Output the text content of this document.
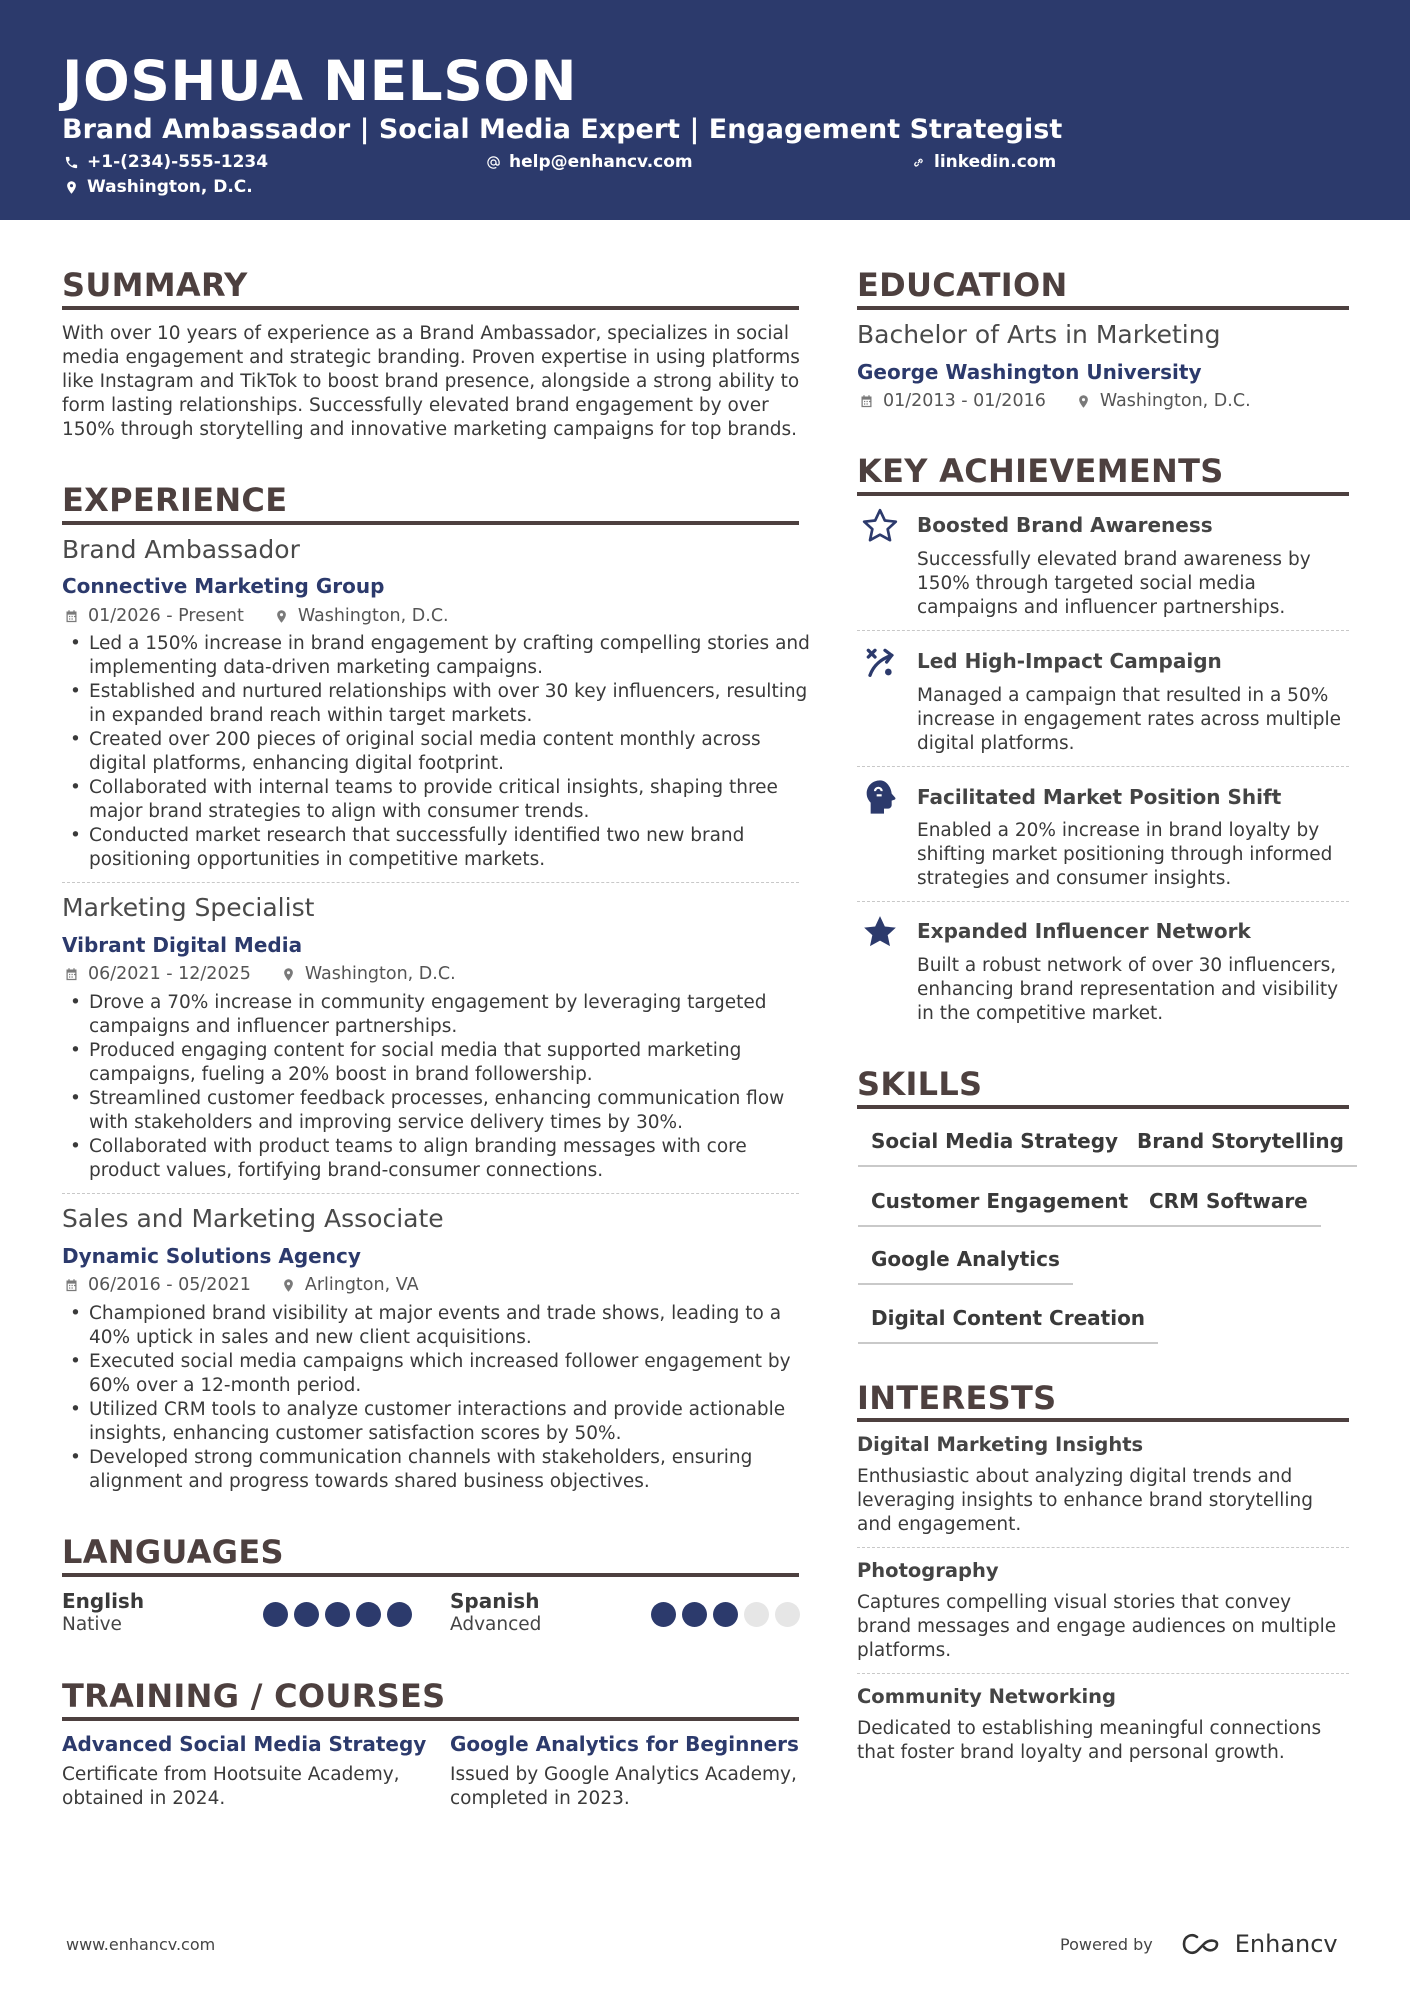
JOSHUA NELSON
Brand Ambassador | Social Media Expert | Engagement Strategist
+1-(234)-555-1234	help@enhancv.com	linkedin.com
Washington, D.C.
SUMMARY
With over 10 years of experience as a Brand Ambassador, specializes in social media engagement and strategic branding. Proven expertise in using platforms like Instagram and TikTok to boost brand presence, alongside a strong ability to form lasting relationships. Successfully elevated brand engagement by over 150% through storytelling and innovative marketing campaigns for top brands.
EXPERIENCE
Brand Ambassador
Connective Marketing Group
01/2026 - Present	Washington, D.C.
• Led a 150% increase in brand engagement by crafting compelling stories and implementing data-driven marketing campaigns.
• Established and nurtured relationships with over 30 key influencers, resulting in expanded brand reach within target markets.
• Created over 200 pieces of original social media content monthly across digital platforms, enhancing digital footprint.
• Collaborated with internal teams to provide critical insights, shaping three major brand strategies to align with consumer trends.
• Conducted market research that successfully identified two new brand positioning opportunities in competitive markets.
Marketing Specialist
Vibrant Digital Media
06/2021 - 12/2025	Washington, D.C.
• Drove a 70% increase in community engagement by leveraging targeted campaigns and influencer partnerships.
• Produced engaging content for social media that supported marketing campaigns, fueling a 20% boost in brand followership.
• Streamlined customer feedback processes, enhancing communication flow with stakeholders and improving service delivery times by 30%.
• Collaborated with product teams to align branding messages with core product values, fortifying brand-consumer connections.
Sales and Marketing Associate
Dynamic Solutions Agency
06/2016 - 05/2021	Arlington, VA
• Championed brand visibility at major events and trade shows, leading to a 40% uptick in sales and new client acquisitions.
• Executed social media campaigns which increased follower engagement by 60% over a 12-month period.
• Utilized CRM tools to analyze customer interactions and provide actionable insights, enhancing customer satisfaction scores by 50%.
• Developed strong communication channels with stakeholders, ensuring alignment and progress towards shared business objectives.
LANGUAGES
English
Native
Spanish
Advanced
TRAINING / COURSES
Advanced Social Media Strategy
Certificate from Hootsuite Academy, obtained in 2024.
Google Analytics for Beginners
Issued by Google Analytics Academy, completed in 2023.
EDUCATION
Bachelor of Arts in Marketing
George Washington University
01/2013 - 01/2016	Washington, D.C.
KEY ACHIEVEMENTS
Boosted Brand Awareness
Successfully elevated brand awareness by 150% through targeted social media campaigns and influencer partnerships.
Led High-Impact Campaign
Managed a campaign that resulted in a 50% increase in engagement rates across multiple digital platforms.
Facilitated Market Position Shift
Enabled a 20% increase in brand loyalty by shifting market positioning through informed strategies and consumer insights.
Expanded Influencer Network
Built a robust network of over 30 influencers, enhancing brand representation and visibility in the competitive market.
SKILLS
Social Media Strategy Brand Storytelling
Customer Engagement	CRM Software
Google Analytics
Digital Content Creation
INTERESTS
Digital Marketing Insights
Enthusiastic about analyzing digital trends and leveraging insights to enhance brand storytelling and engagement.
Photography
Captures compelling visual stories that convey brand messages and engage audiences on multiple platforms.
Community Networking
Dedicated to establishing meaningful connections that foster brand loyalty and personal growth.
www.enhancv.com	Powered by	Enhancv
